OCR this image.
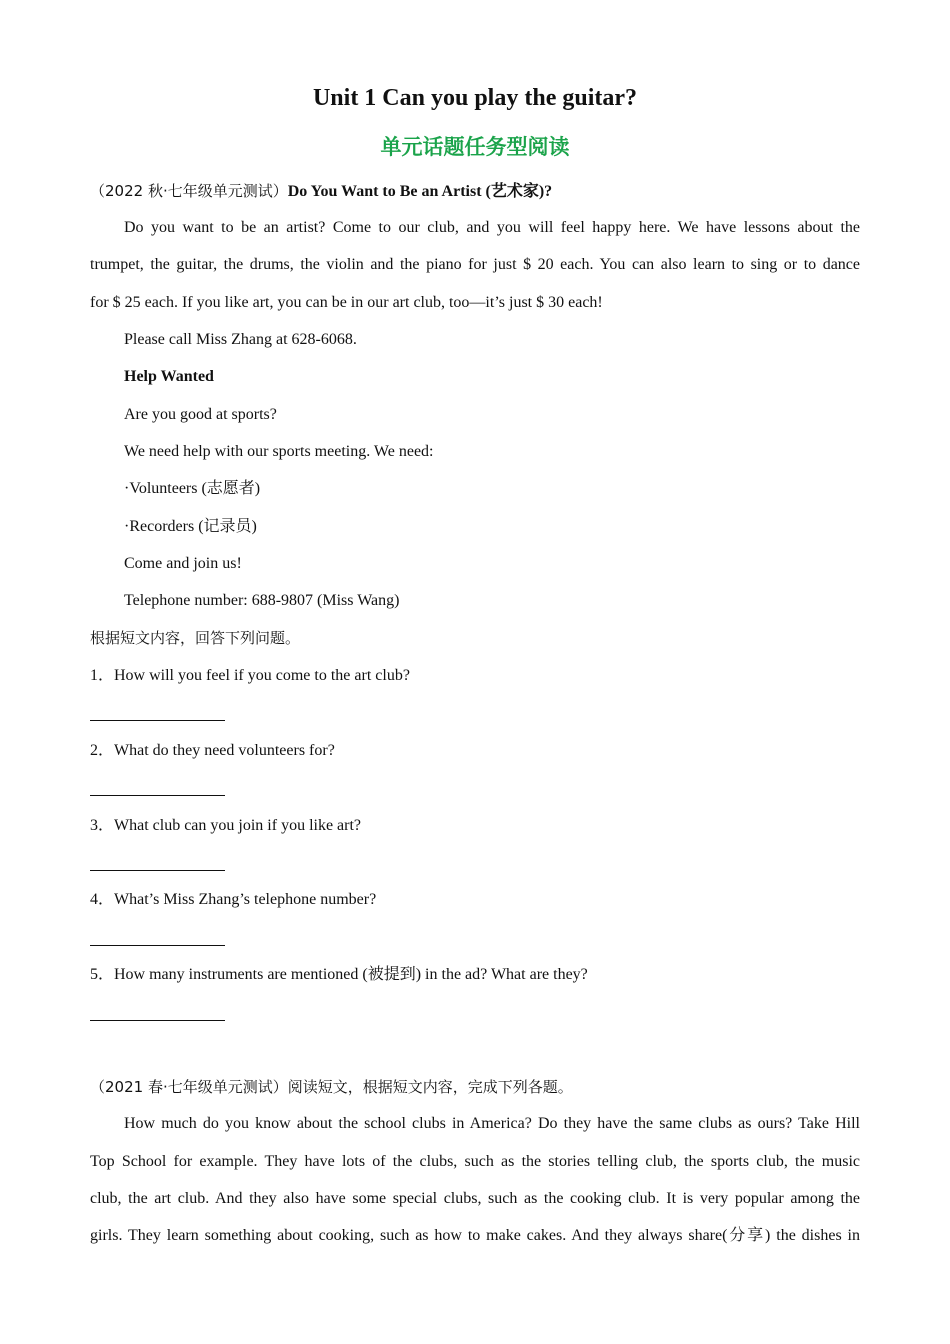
Unit 1 Can you play the guitar?
单元话题任务型阅读
（2022 秋·七年级单元测试）Do You Want to Be an Artist (艺术家)?
Do you want to be an artist? Come to our club, and you will feel happy here. We have lessons about the
trumpet, the guitar, the drums, the violin and the piano for just $ 20 each. You can also learn to sing or to dance
for $ 25 each. If you like art, you can be in our art club, too—it’s just $ 30 each!
Please call Miss Zhang at 628-6068.
Help Wanted
Are you good at sports?
We need help with our sports meeting. We need:
·Volunteers (志愿者)
·Recorders (记录员)
Come and join us!
Telephone number: 688-9807 (Miss Wang)
根据短文内容，回答下列问题。
1．How will you feel if you come to the art club?
2．What do they need volunteers for?
3．What club can you join if you like art?
4．What’s Miss Zhang’s telephone number?
5．How many instruments are mentioned (被提到) in the ad? What are they?
（2021 春·七年级单元测试）阅读短文，根据短文内容，完成下列各题。
How much do you know about the school clubs in America? Do they have the same clubs as ours? Take Hill
Top School for example. They have lots of the clubs, such as the stories telling club, the sports club, the music
club, the art club. And they also have some special clubs, such as the cooking club. It is very popular among the
girls. They learn something about cooking, such as how to make cakes. And they always share(分享) the dishes in
